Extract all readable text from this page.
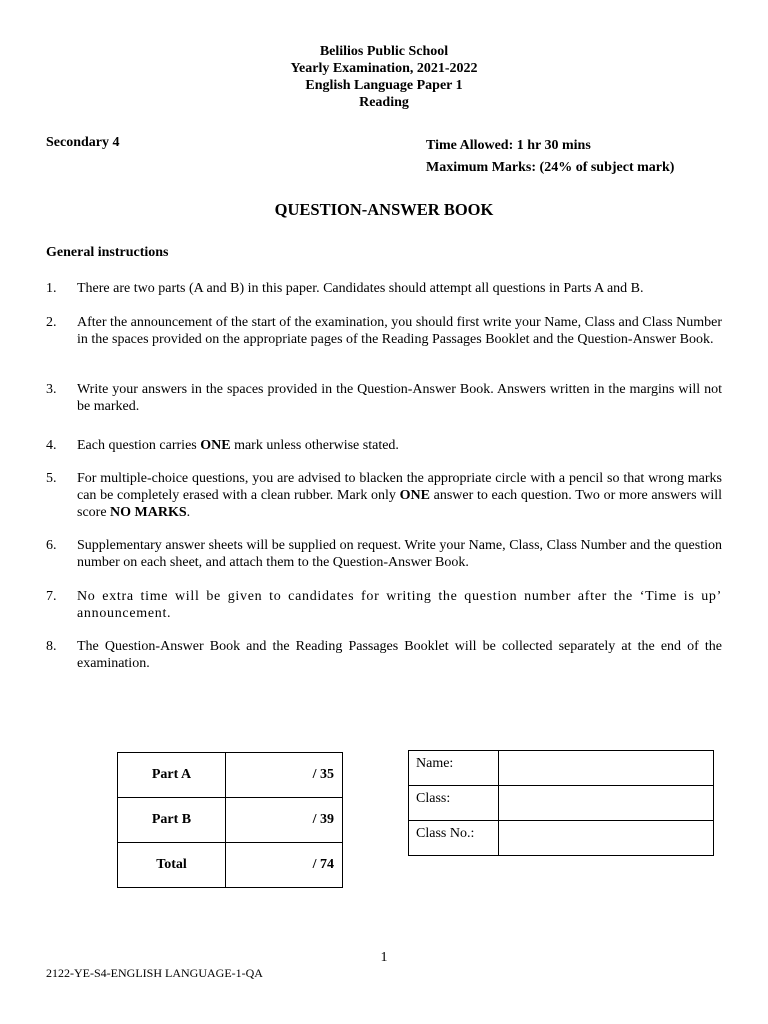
Belilios Public School
Yearly Examination, 2021-2022
English Language Paper 1
Reading
Secondary 4	Time Allowed: 1 hr 30 mins
Maximum Marks: (24% of subject mark)
QUESTION-ANSWER BOOK
General instructions
1. There are two parts (A and B) in this paper. Candidates should attempt all questions in Parts A and B.
2. After the announcement of the start of the examination, you should first write your Name, Class and Class Number in the spaces provided on the appropriate pages of the Reading Passages Booklet and the Question-Answer Book.
3. Write your answers in the spaces provided in the Question-Answer Book. Answers written in the margins will not be marked.
4. Each question carries ONE mark unless otherwise stated.
5. For multiple-choice questions, you are advised to blacken the appropriate circle with a pencil so that wrong marks can be completely erased with a clean rubber. Mark only ONE answer to each question. Two or more answers will score NO MARKS.
6. Supplementary answer sheets will be supplied on request. Write your Name, Class, Class Number and the question number on each sheet, and attach them to the Question-Answer Book.
7. No extra time will be given to candidates for writing the question number after the ‘Time is up’ announcement.
8. The Question-Answer Book and the Reading Passages Booklet will be collected separately at the end of the examination.
Part A	/ 35
Part B	/ 39
Total	/ 74
Name:	
Class:	
Class No.:	
1
2122-YE-S4-ENGLISH LANGUAGE-1-QA
